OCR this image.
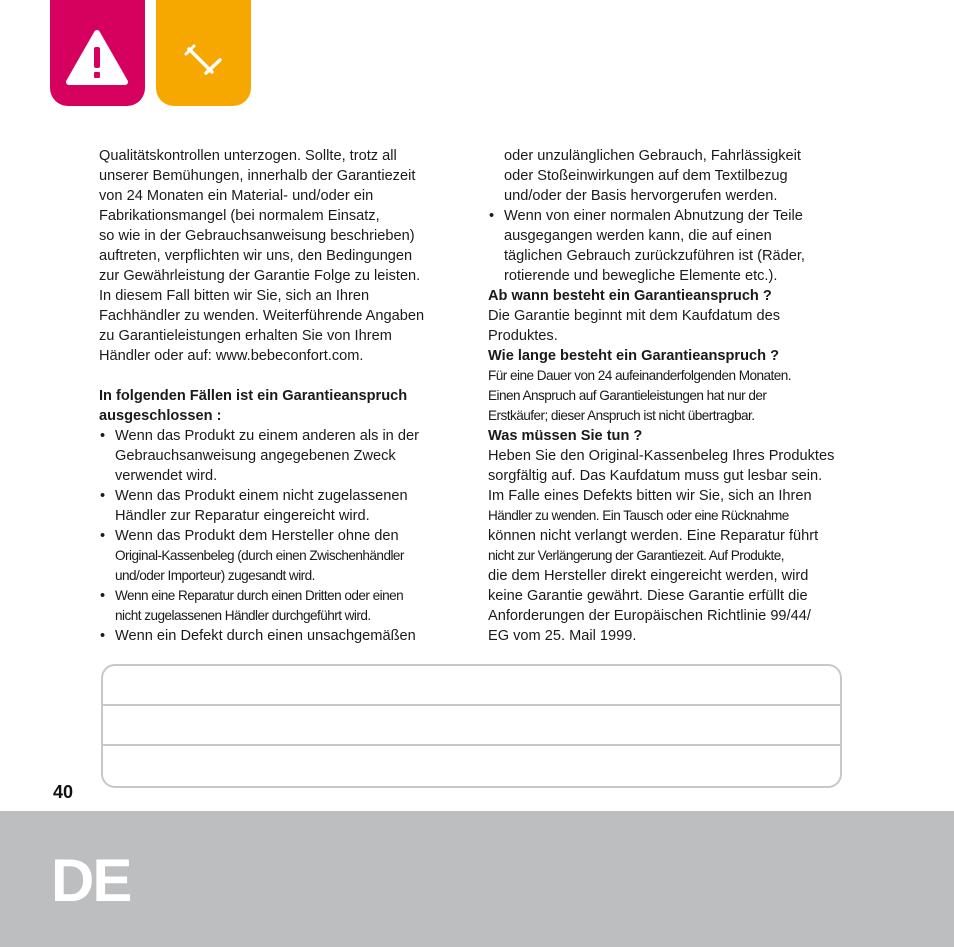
Qualitätskontrollen unterzogen. Sollte, trotz all
unserer Bemühungen, innerhalb der Garantiezeit
von 24 Monaten ein Material- und/oder ein
Fabrikationsmangel (bei normalem Einsatz,
so wie in der Gebrauchsanweisung beschrieben)
auftreten, verpflichten wir uns, den Bedingungen
zur Gewährleistung der Garantie Folge zu leisten.
In diesem Fall bitten wir Sie, sich an Ihren
Fachhändler zu wenden. Weiterführende Angaben
zu Garantieleistungen erhalten Sie von Ihrem
Händler oder auf: www.bebeconfort.com.

In folgenden Fällen ist ein Garantieanspruch
ausgeschlossen :

• Wenn das Produkt zu einem anderen als in der
Gebrauchsanweisung angegebenen Zweck
verwendet wird.
• Wenn das Produkt einem nicht zugelassenen
Händler zur Reparatur eingereicht wird.
• Wenn das Produkt dem Hersteller ohne den
Original-Kassenbeleg (durch einen Zwischenhändler
und/oder Importeur) zugesandt wird.
• Wenn eine Reparatur durch einen Dritten oder einen
nicht zugelassenen Händler durchgeführt wird.
• Wenn ein Defekt durch einen unsachgemäßen
oder unzulänglichen Gebrauch, Fahrlässigkeit
oder Stoßeinwirkungen auf dem Textilbezug
und/oder der Basis hervorgerufen werden.
• Wenn von einer normalen Abnutzung der Teile
ausgegangen werden kann, die auf einen
täglichen Gebrauch zurückzuführen ist (Räder,
rotierende und bewegliche Elemente etc.).

Ab wann besteht ein Garantieanspruch ?

Die Garantie beginnt mit dem Kaufdatum des
Produktes.

Wie lange besteht ein Garantieanspruch ?

Für eine Dauer von 24 aufeinanderfolgenden Monaten.
Einen Anspruch auf Garantieleistungen hat nur der
Erstkäufer; dieser Anspruch ist nicht übertragbar.

Was müssen Sie tun ?

Heben Sie den Original-Kassenbeleg Ihres Produktes
sorgfältig auf. Das Kaufdatum muss gut lesbar sein.
Im Falle eines Defekts bitten wir Sie, sich an Ihren
Händler zu wenden. Ein Tausch oder eine Rücknahme
können nicht verlangt werden. Eine Reparatur führt
nicht zur Verlängerung der Garantiezeit. Auf Produkte,
die dem Hersteller direkt eingereicht werden, wird
keine Garantie gewährt. Diese Garantie erfüllt die
Anforderungen der Europäischen Richtlinie 99/44/
EG vom 25. Mail 1999.

40
DE
